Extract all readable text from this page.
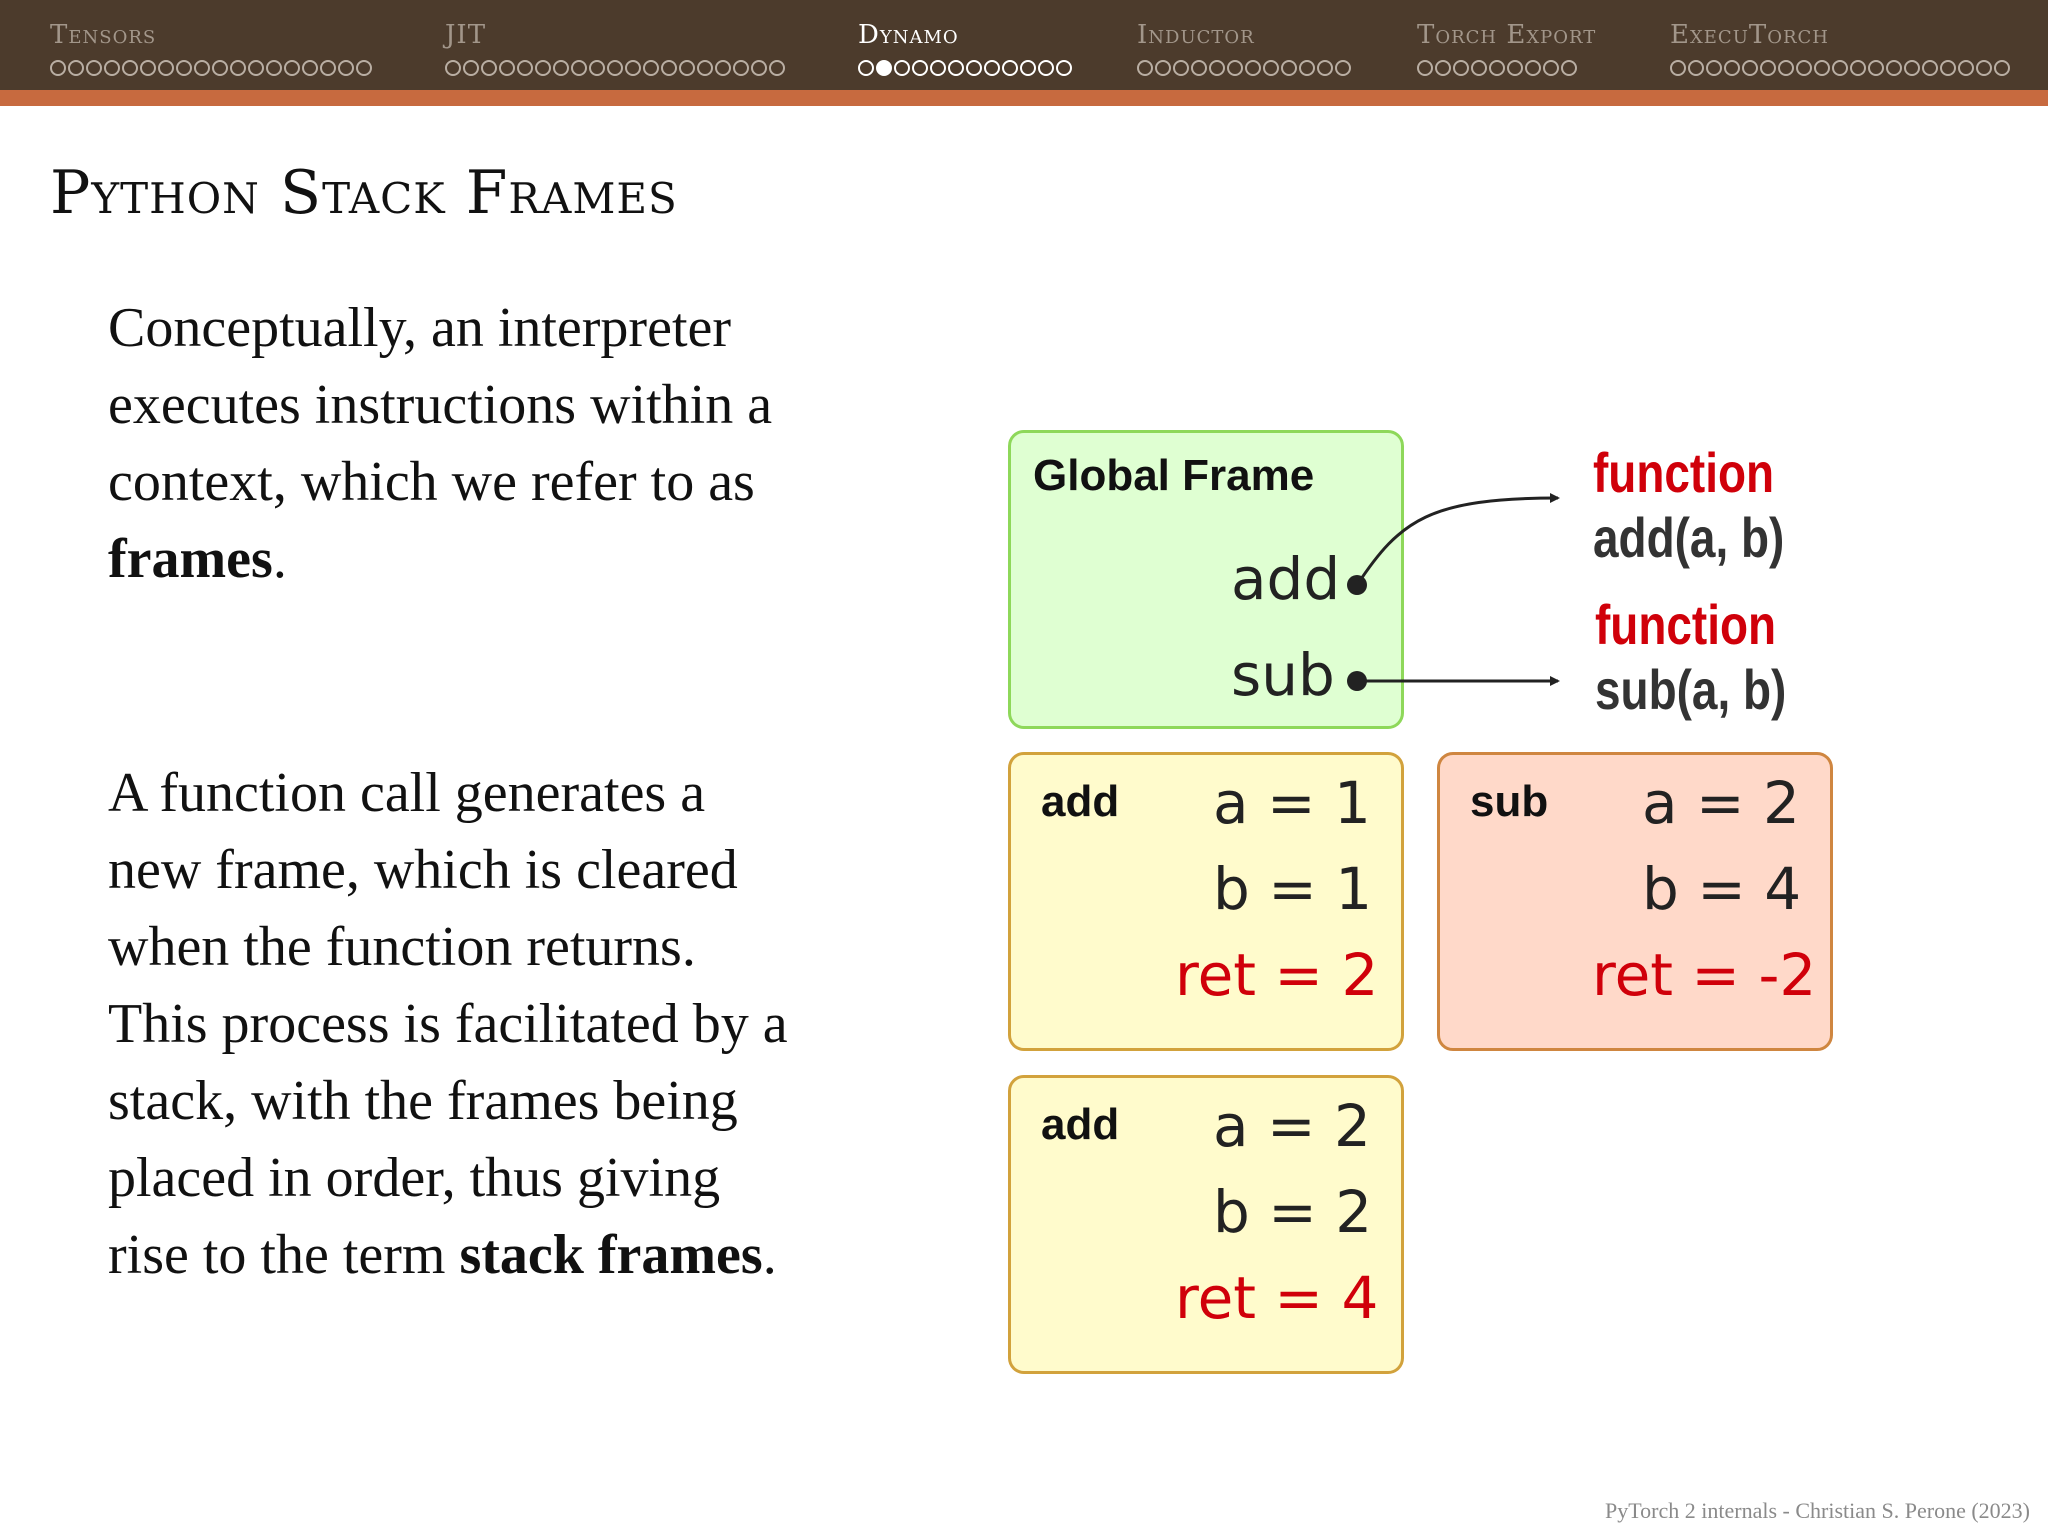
Tensors	JIT	Dynamo	Inductor	Torch Export	ExecuTorch
Python Stack Frames

Conceptually, an interpreter executes instructions within a context, which we refer to as frames.

A function call generates a new frame, which is cleared when the function returns. This process is facilitated by a stack, with the frames being placed in order, thus giving rise to the term stack frames.

Global Frame
add
sub
add a = 1
b = 1
ret = 2
sub a = 2
b = 4
ret = -2
add a = 2
b = 2
ret = 4
function
add(a, b)
function
sub(a, b)
PyTorch 2 internals - Christian S. Perone (2023)
